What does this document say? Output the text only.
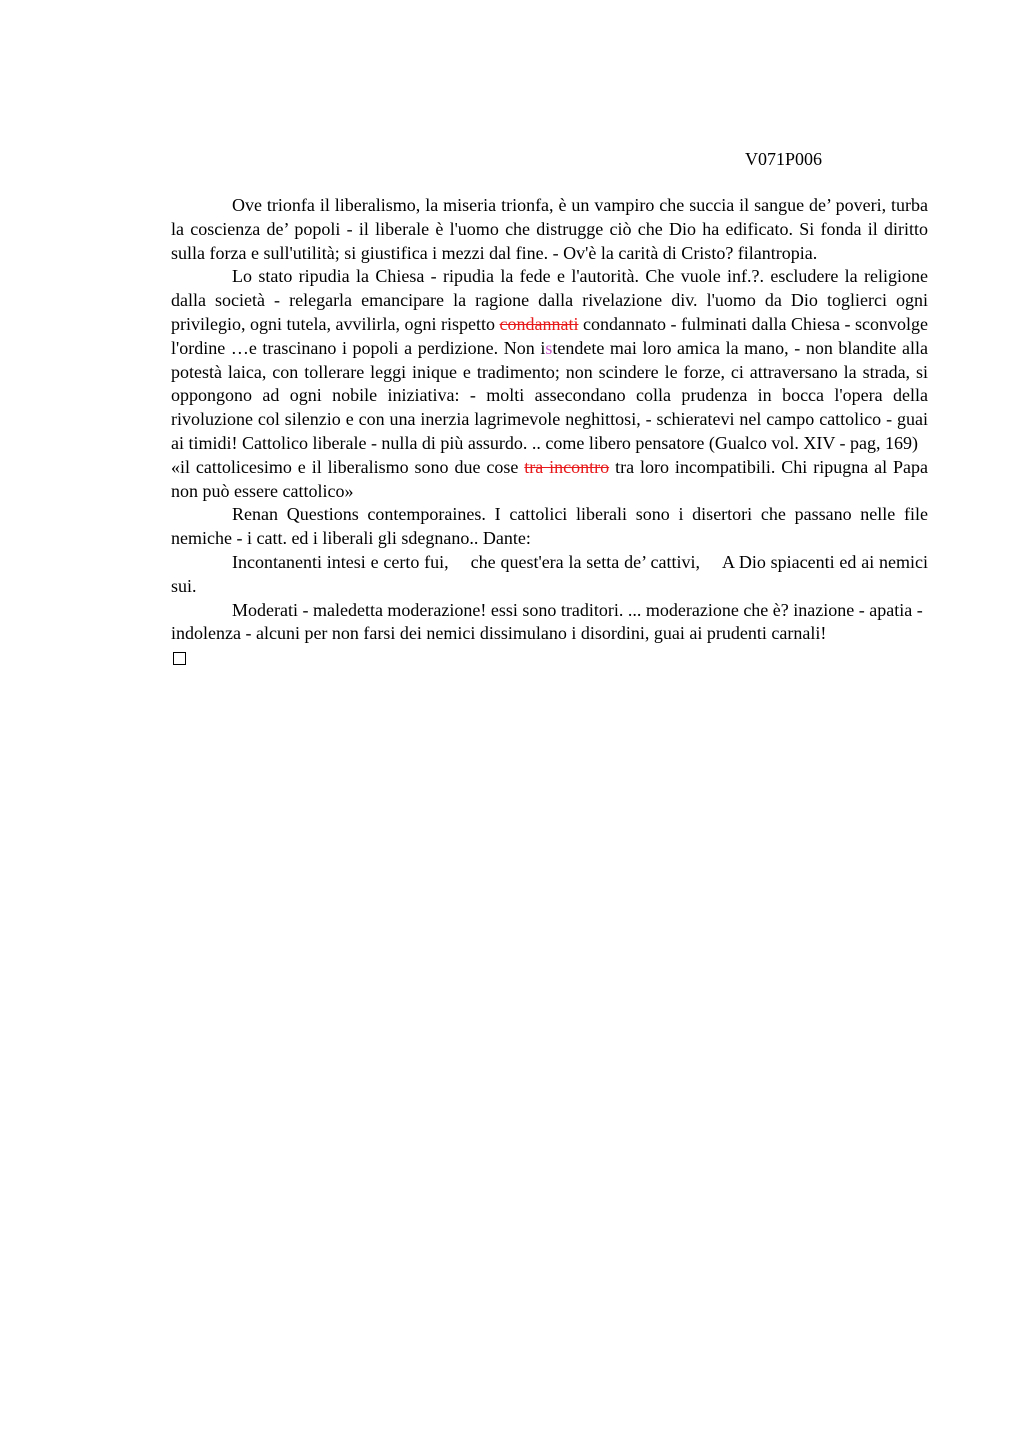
V071P006

Ove trionfa il liberalismo, la miseria trionfa, è un vampiro che succia il sangue de’ poveri, turba la coscienza de’ popoli - il liberale è l'uomo che distrugge ciò che Dio ha edificato. Si fonda il diritto sulla forza e sull'utilità; si giustifica i mezzi dal fine. - Ov'è la carità di Cristo? filantropia.

Lo stato ripudia la Chiesa - ripudia la fede e l'autorità. Che vuole inf.?. escludere la religione dalla società - relegarla emancipare la ragione dalla rivelazione div. l'uomo da Dio toglierci ogni privilegio, ogni tutela, avvilirla, ogni rispetto condannati condannato - fulminati dalla Chiesa - sconvolge l'ordine …e trascinano i popoli a perdizione. Non istendete mai loro amica la mano, - non blandite alla potestà laica, con tollerare leggi inique e tradimento; non scindere le forze, ci attraversano la strada, si oppongono ad ogni nobile iniziativa: - molti assecondano colla prudenza in bocca l'opera della rivoluzione col silenzio e con una inerzia lagrimevole neghittosi, - schieratevi nel campo cattolico - guai ai timidi! Cattolico liberale - nulla di più assurdo. .. come libero pensatore (Gualco vol. XIV - pag, 169)

«il cattolicesimo e il liberalismo sono due cose tra incontro tra loro incompatibili. Chi ripugna al Papa non può essere cattolico»

Renan Questions contemporaines. I cattolici liberali sono i disertori che passano nelle file nemiche - i catt. ed i liberali gli sdegnano.. Dante:

Incontanenti intesi e certo fui, che quest'era la setta de’ cattivi, A Dio spiacenti ed ai nemici sui.

Moderati - maledetta moderazione! essi sono traditori. ... moderazione che è? inazione - apatia - indolenza - alcuni per non farsi dei nemici dissimulano i disordini, guai ai prudenti carnali!
